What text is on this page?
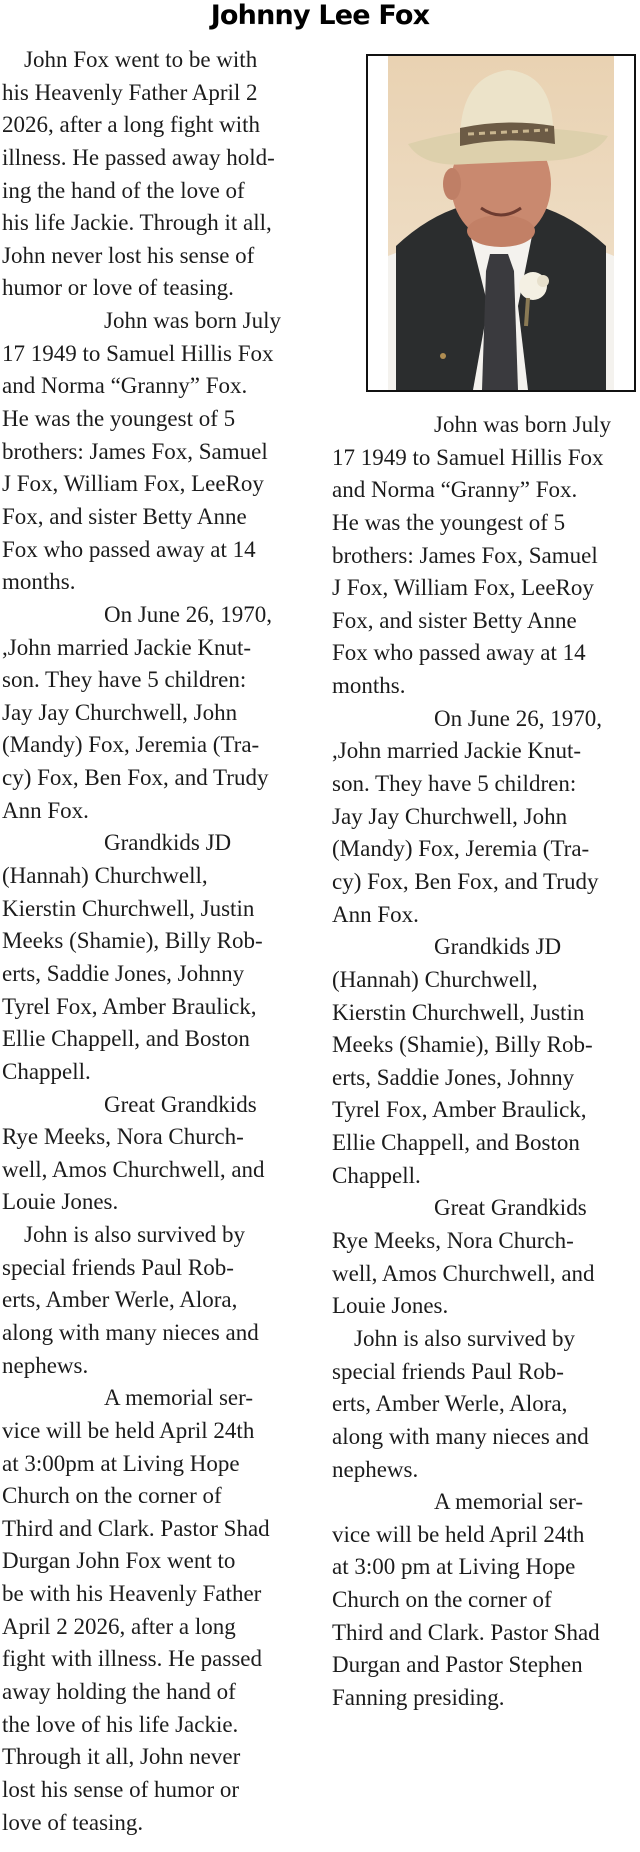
Johnny Lee Fox
John Fox went to be with
his Heavenly Father April 2
2026, after a long fight with
illness. He passed away hold-
ing the hand of the love of
his life Jackie. Through it all,
John never lost his sense of
humor or love of teasing.
John was born July
17 1949 to Samuel Hillis Fox
and Norma “Granny” Fox.
He was the youngest of 5
brothers: James Fox, Samuel
J Fox, William Fox, LeeRoy
Fox, and sister Betty Anne
Fox who passed away at 14
months.
On June 26, 1970,
,John married Jackie Knut-
son. They have 5 children:
Jay Jay Churchwell, John
(Mandy) Fox, Jeremia (Tra-
cy) Fox, Ben Fox, and Trudy
Ann Fox.
Grandkids JD
(Hannah) Churchwell,
Kierstin Churchwell, Justin
Meeks (Shamie), Billy Rob-
erts, Saddie Jones, Johnny
Tyrel Fox, Amber Braulick,
Ellie Chappell, and Boston
Chappell.
Great Grandkids
Rye Meeks, Nora Church-
well, Amos Churchwell, and
Louie Jones.
John is also survived by
special friends Paul Rob-
erts, Amber Werle, Alora,
along with many nieces and
nephews.
A memorial ser-
vice will be held April 24th
at 3:00pm at Living Hope
Church on the corner of
Third and Clark. Pastor Shad
Durgan John Fox went to
be with his Heavenly Father
April 2 2026, after a long
fight with illness. He passed
away holding the hand of
the love of his life Jackie.
Through it all, John never
lost his sense of humor or
love of teasing.
John was born July
17 1949 to Samuel Hillis Fox
and Norma “Granny” Fox.
He was the youngest of 5
brothers: James Fox, Samuel
J Fox, William Fox, LeeRoy
Fox, and sister Betty Anne
Fox who passed away at 14
months.
On June 26, 1970,
,John married Jackie Knut-
son. They have 5 children:
Jay Jay Churchwell, John
(Mandy) Fox, Jeremia (Tra-
cy) Fox, Ben Fox, and Trudy
Ann Fox.
Grandkids JD
(Hannah) Churchwell,
Kierstin Churchwell, Justin
Meeks (Shamie), Billy Rob-
erts, Saddie Jones, Johnny
Tyrel Fox, Amber Braulick,
Ellie Chappell, and Boston
Chappell.
Great Grandkids
Rye Meeks, Nora Church-
well, Amos Churchwell, and
Louie Jones.
John is also survived by
special friends Paul Rob-
erts, Amber Werle, Alora,
along with many nieces and
nephews.
A memorial ser-
vice will be held April 24th
at 3:00 pm at Living Hope
Church on the corner of
Third and Clark. Pastor Shad
Durgan and Pastor Stephen
Fanning presiding.
